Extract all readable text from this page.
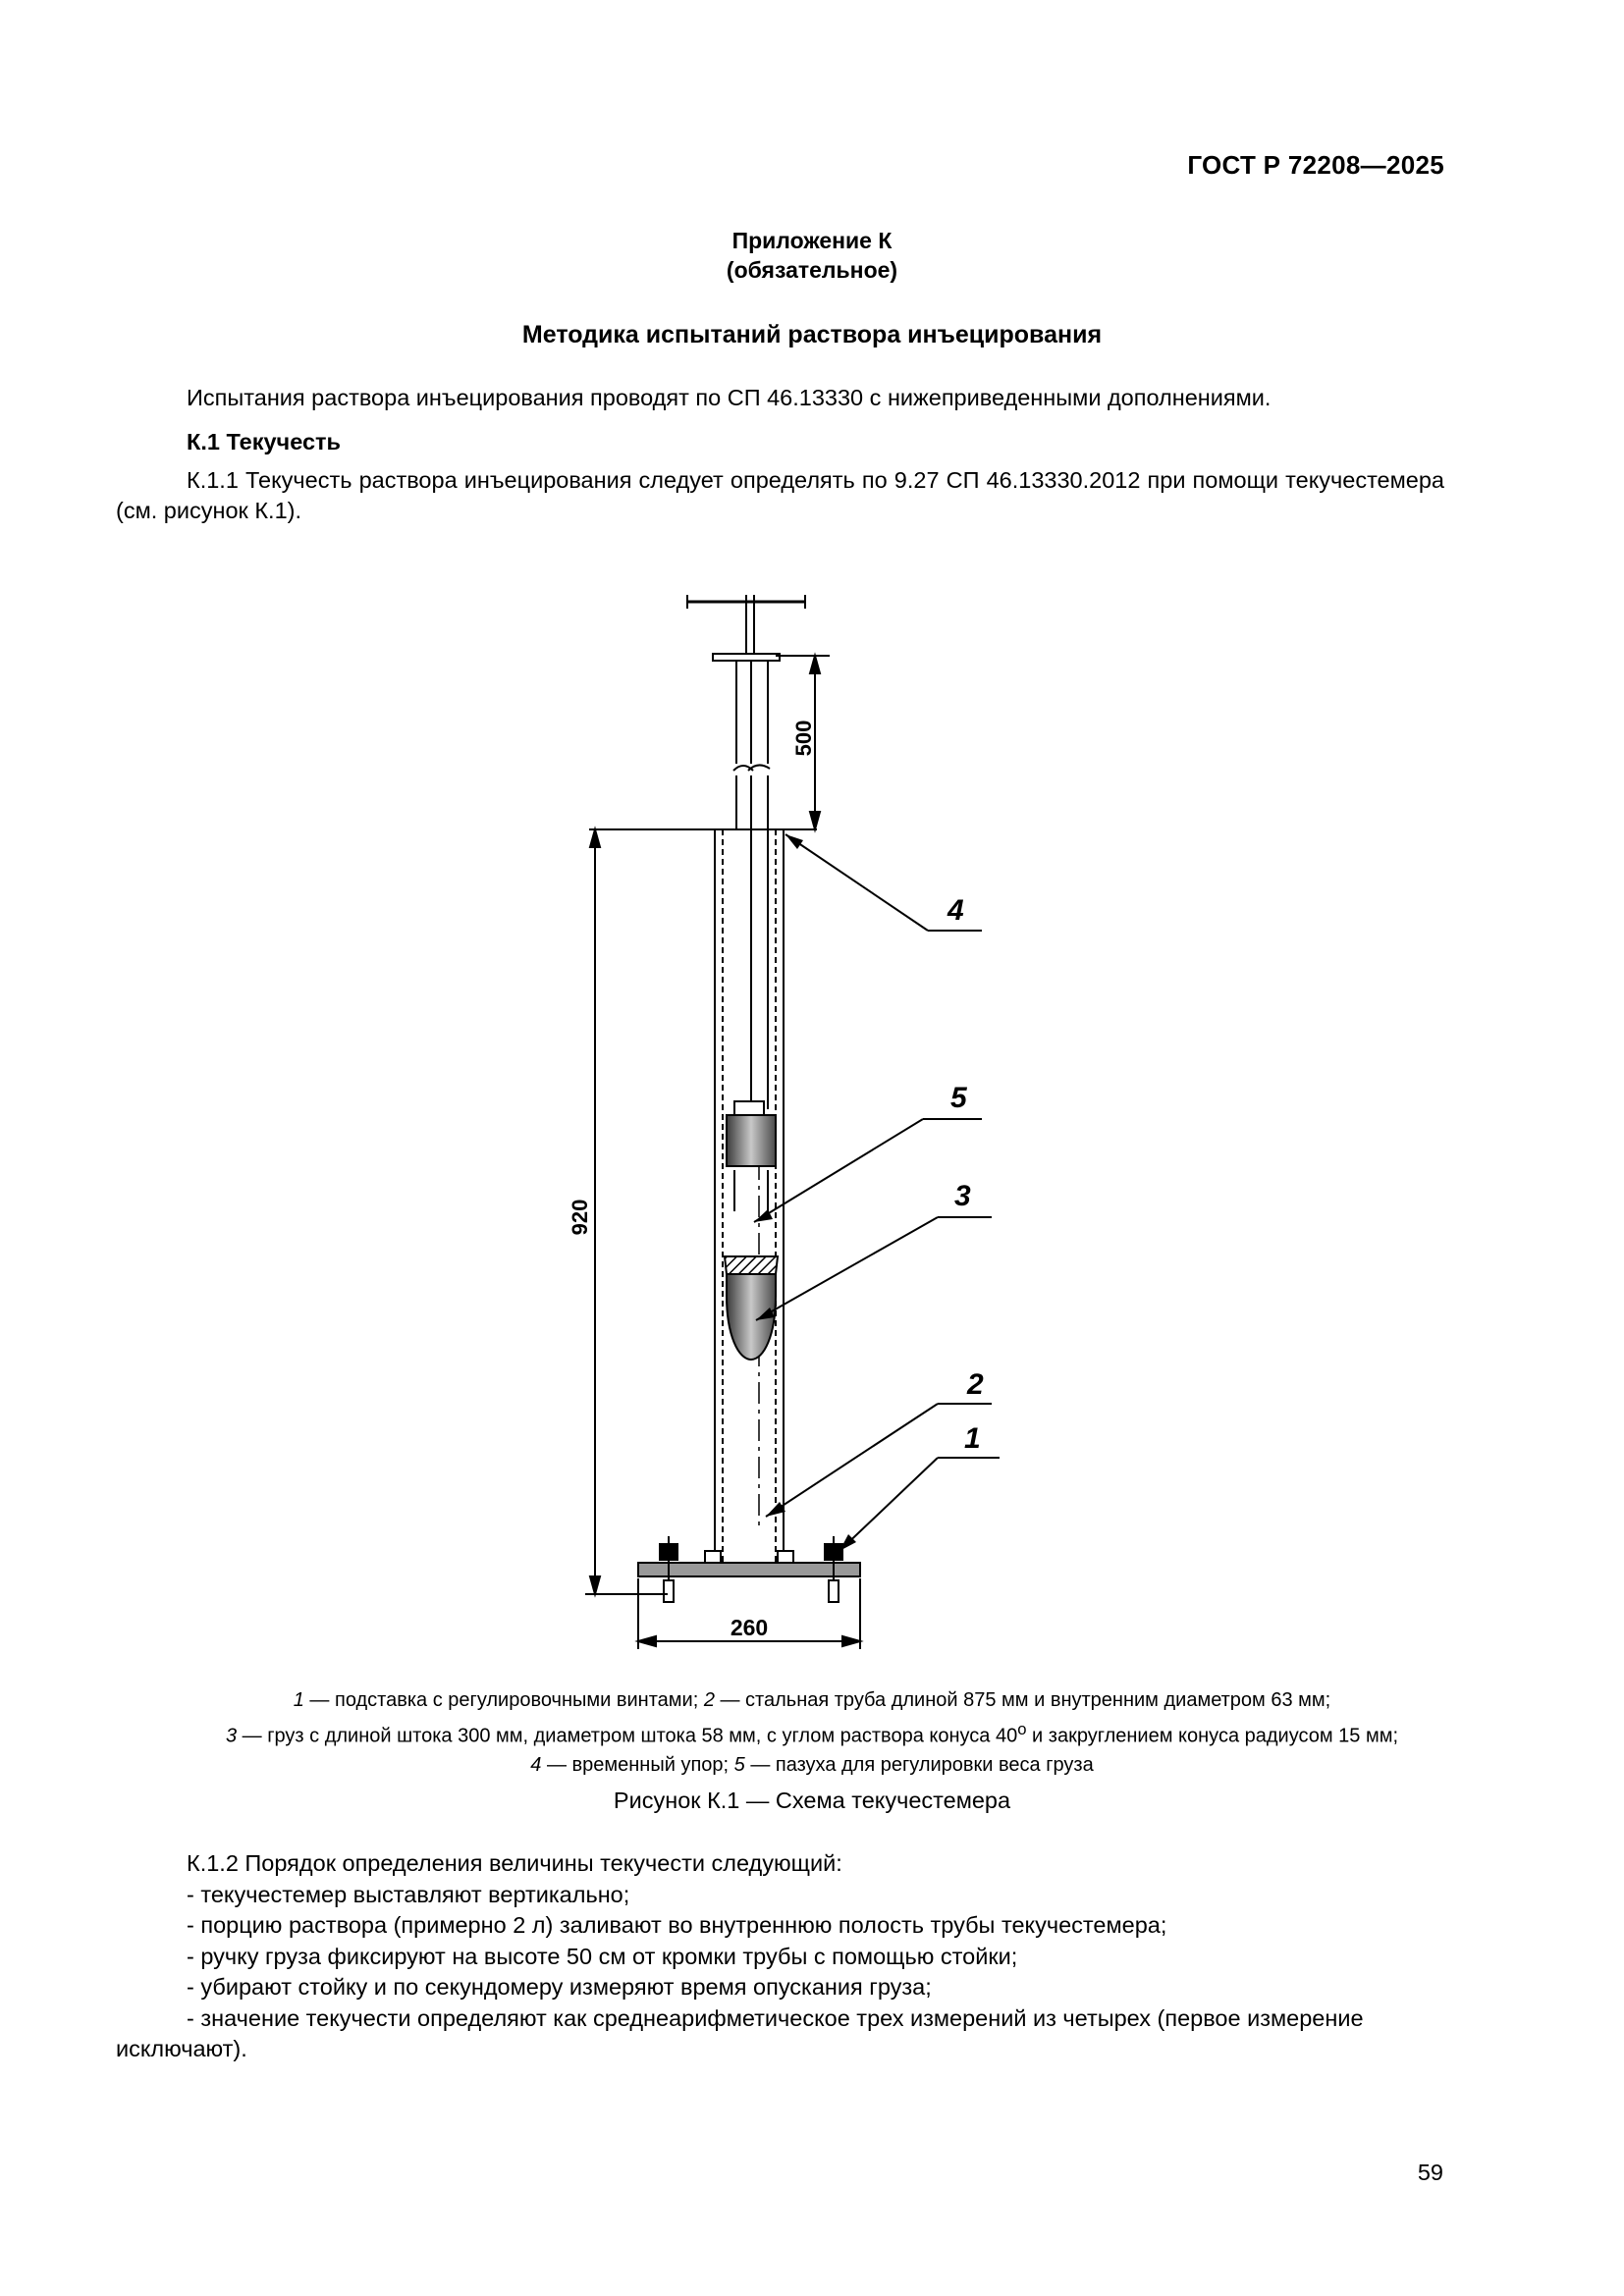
ГОСТ Р 72208—2025
Приложение К
(обязательное)
Методика испытаний раствора инъецирования
Испытания раствора инъецирования проводят по СП 46.13330 с нижеприведенными дополнениями.
К.1 Текучесть
К.1.1 Текучесть раствора инъецирования следует определять по 9.27 СП 46.13330.2012 при помощи текучестемера (см. рисунок К.1).
500
920
260
4
5
3
2
1
1 — подставка с регулировочными винтами; 2 — стальная труба длиной 875 мм и внутренним диаметром 63 мм;
3 — груз с длиной штока 300 мм, диаметром штока 58 мм, с углом раствора конуса $40^о$ и закруглением конуса радиусом 15 мм;
4 — временный упор; 5 — пазуха для регулировки веса груза
Рисунок К.1 — Схема текучестемера
К.1.2 Порядок определения величины текучести следующий:
- текучестемер выставляют вертикально;
- порцию раствора (примерно 2 л) заливают во внутреннюю полость трубы текучестемера;
- ручку груза фиксируют на высоте 50 см от кромки трубы с помощью стойки;
- убирают стойку и по секундомеру измеряют время опускания груза;
- значение текучести определяют как среднеарифметическое трех измерений из четырех (первое измерение исключают).
59
